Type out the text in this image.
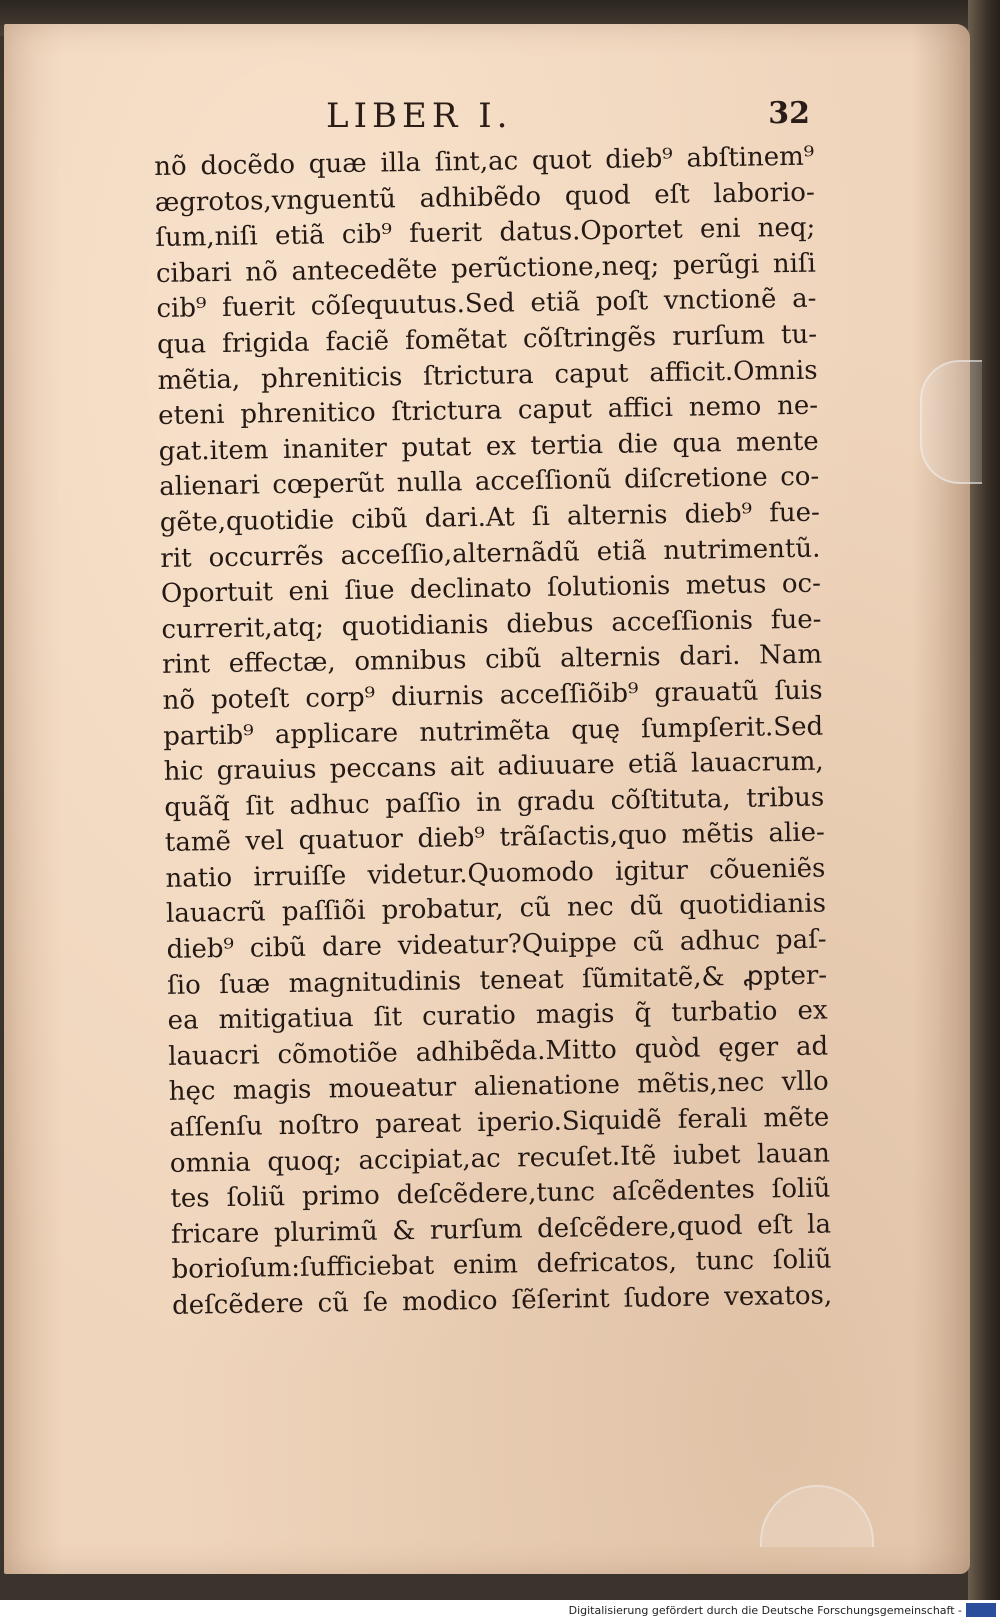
LIBER I.	32
nõ docẽdo quæ illa ſint,ac quot dieb⁹ abſtinem⁹
ægrotos,vnguentũ adhibẽdo quod eſt laborio-
ſum,niſi etiã cib⁹ fuerit datus.Oportet eni neq;
cibari nõ antecedẽte perũctione,neq; perũgi niſi
cib⁹ fuerit cõſequutus.Sed etiã poſt vnctionẽ a-
qua frigida faciẽ fomẽtat cõſtringẽs rurſum tu-
mẽtia, phreniticis ſtrictura caput afficit.Omnis
eteni phrenitico ſtrictura caput affici nemo ne-
gat.item inaniter putat ex tertia die qua mente
alienari cœperũt nulla acceſſionũ diſcretione co-
gẽte,quotidie cibũ dari.At ſi alternis dieb⁹ fue-
rit occurrẽs acceſſio,alternãdũ etiã nutrimentũ.
Oportuit eni ſiue declinato ſolutionis metus oc-
currerit,atq; quotidianis diebus acceſſionis fue-
rint effectæ, omnibus cibũ alternis dari. Nam
nõ poteſt corp⁹ diurnis acceſſiõib⁹ grauatũ ſuis
partib⁹ applicare nutrimẽta quę ſumpſerit.Sed
hic grauius peccans ait adiuuare etiã lauacrum,
quãq̃ ſit adhuc paſſio in gradu cõſtituta, tribus
tamẽ vel quatuor dieb⁹ trãſactis,quo mẽtis alie-
natio irruiſſe videtur.Quomodo igitur cõueniẽs
lauacrũ paſſiõi probatur, cũ nec dũ quotidianis
dieb⁹ cibũ dare videatur?Quippe cũ adhuc paſ-
ſio ſuæ magnitudinis teneat ſũmitatẽ,& ꝓpter-
ea mitigatiua ſit curatio magis q̃ turbatio ex
lauacri cõmotiõe adhibẽda.Mitto quòd ęger ad
hęc magis moueatur alienatione mẽtis,nec vllo
aſſenſu noſtro pareat iperio.Siquidẽ ferali mẽte
omnia quoq; accipiat,ac recuſet.Itẽ iubet lauan
tes ſoliũ primo deſcẽdere,tunc aſcẽdentes ſoliũ
fricare plurimũ & rurſum deſcẽdere,quod eſt la
borioſum:ſufficiebat enim defricatos, tunc ſoliũ
deſcẽdere cũ ſe modico ſẽſerint ſudore vexatos,
Digitalisierung gefördert durch die Deutsche Forschungsgemeinschaft -
